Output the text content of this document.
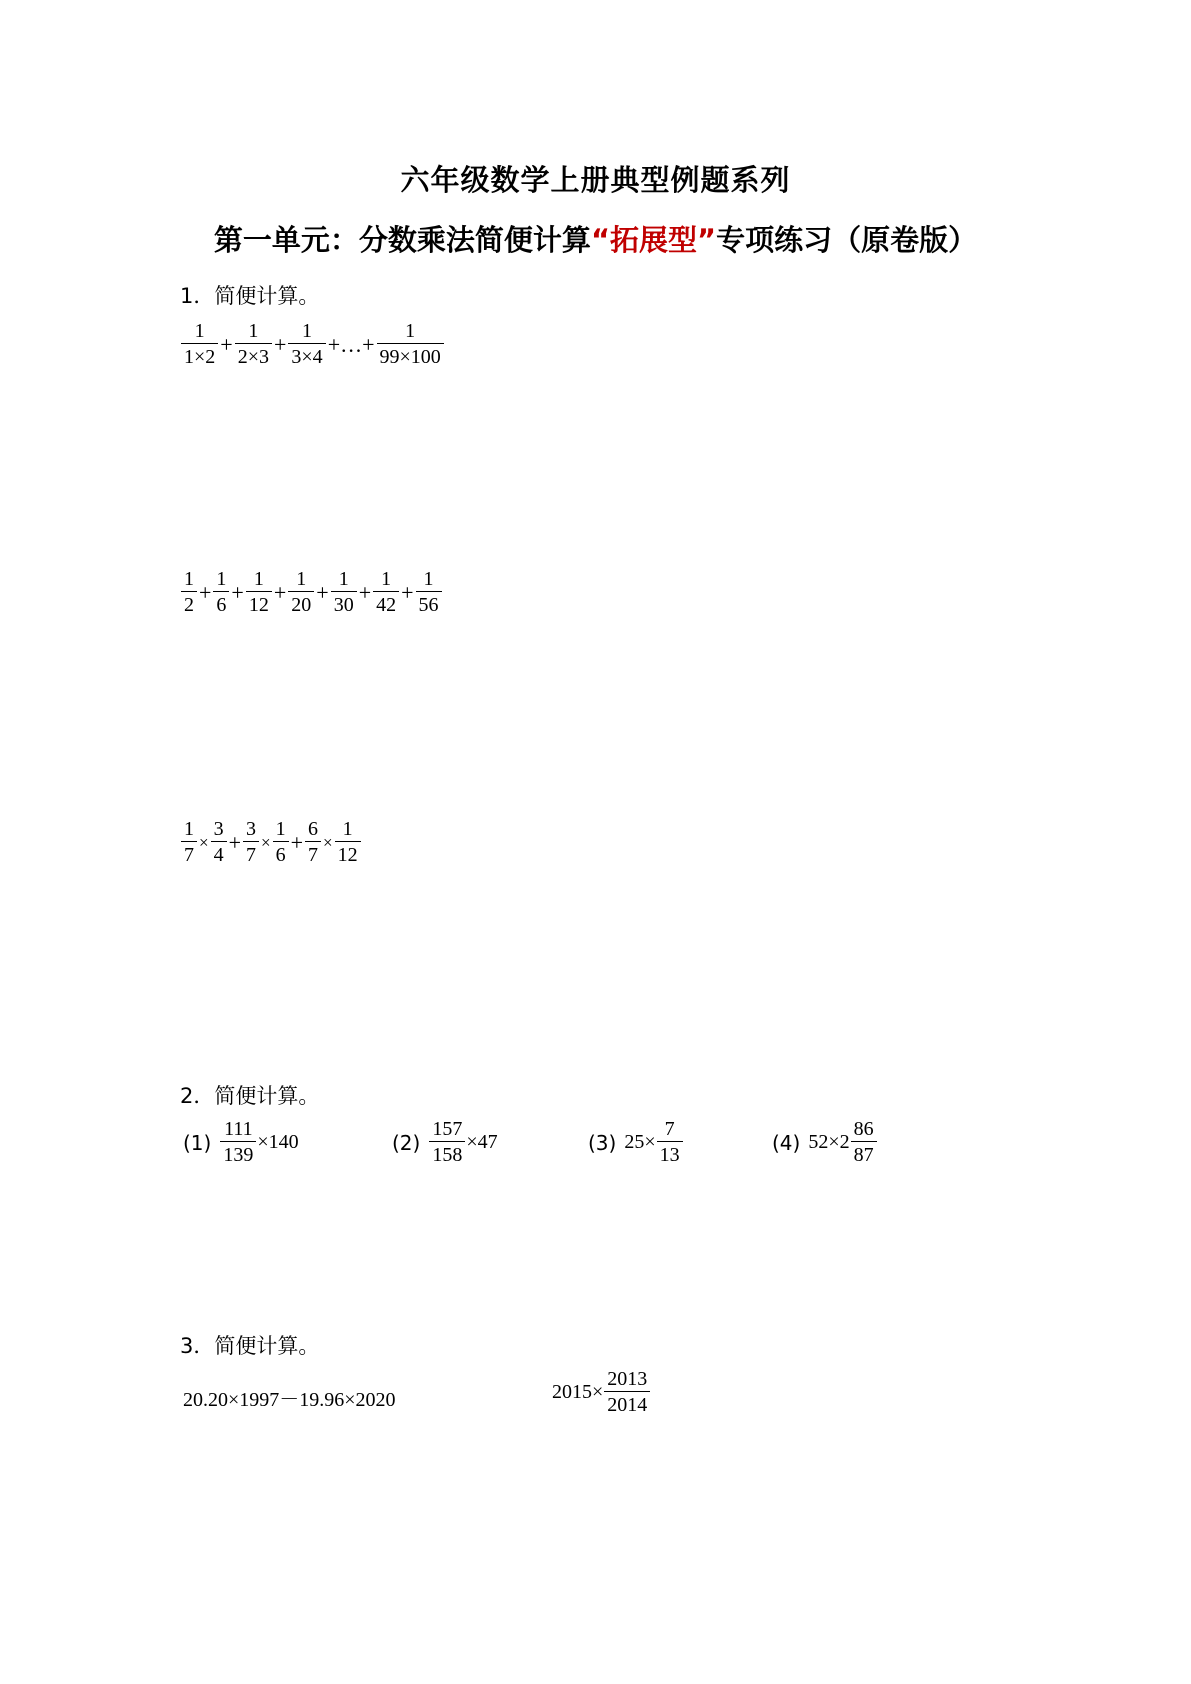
六年级数学上册典型例题系列
第一单元：分数乘法简便计算“拓展型”专项练习（原卷版）
1．简便计算。
$\frac{1}{1\times 2} + \frac{1}{2\times 3} + \frac{1}{3\times 4}$ +…+ $\frac{1}{99\times 100}$
$\frac{1}{2} + \frac{1}{6} + \frac{1}{12} + \frac{1}{20} + \frac{1}{30} + \frac{1}{42} + \frac{1}{56}$
$\frac{1}{7} \times \frac{3}{4} + \frac{3}{7} \times \frac{1}{6} + \frac{6}{7} \times \frac{1}{12}$
2．简便计算。
$(1) \frac{111}{139} \times 140$	$(2) \frac{157}{158} \times 47$	(3) $25\times \frac{7}{13}$	(4) $52\times 2 \frac{86}{87}$
3．简便计算。
20.20×1997－19.96×2020	$2015\times \frac{2013}{2014}$
